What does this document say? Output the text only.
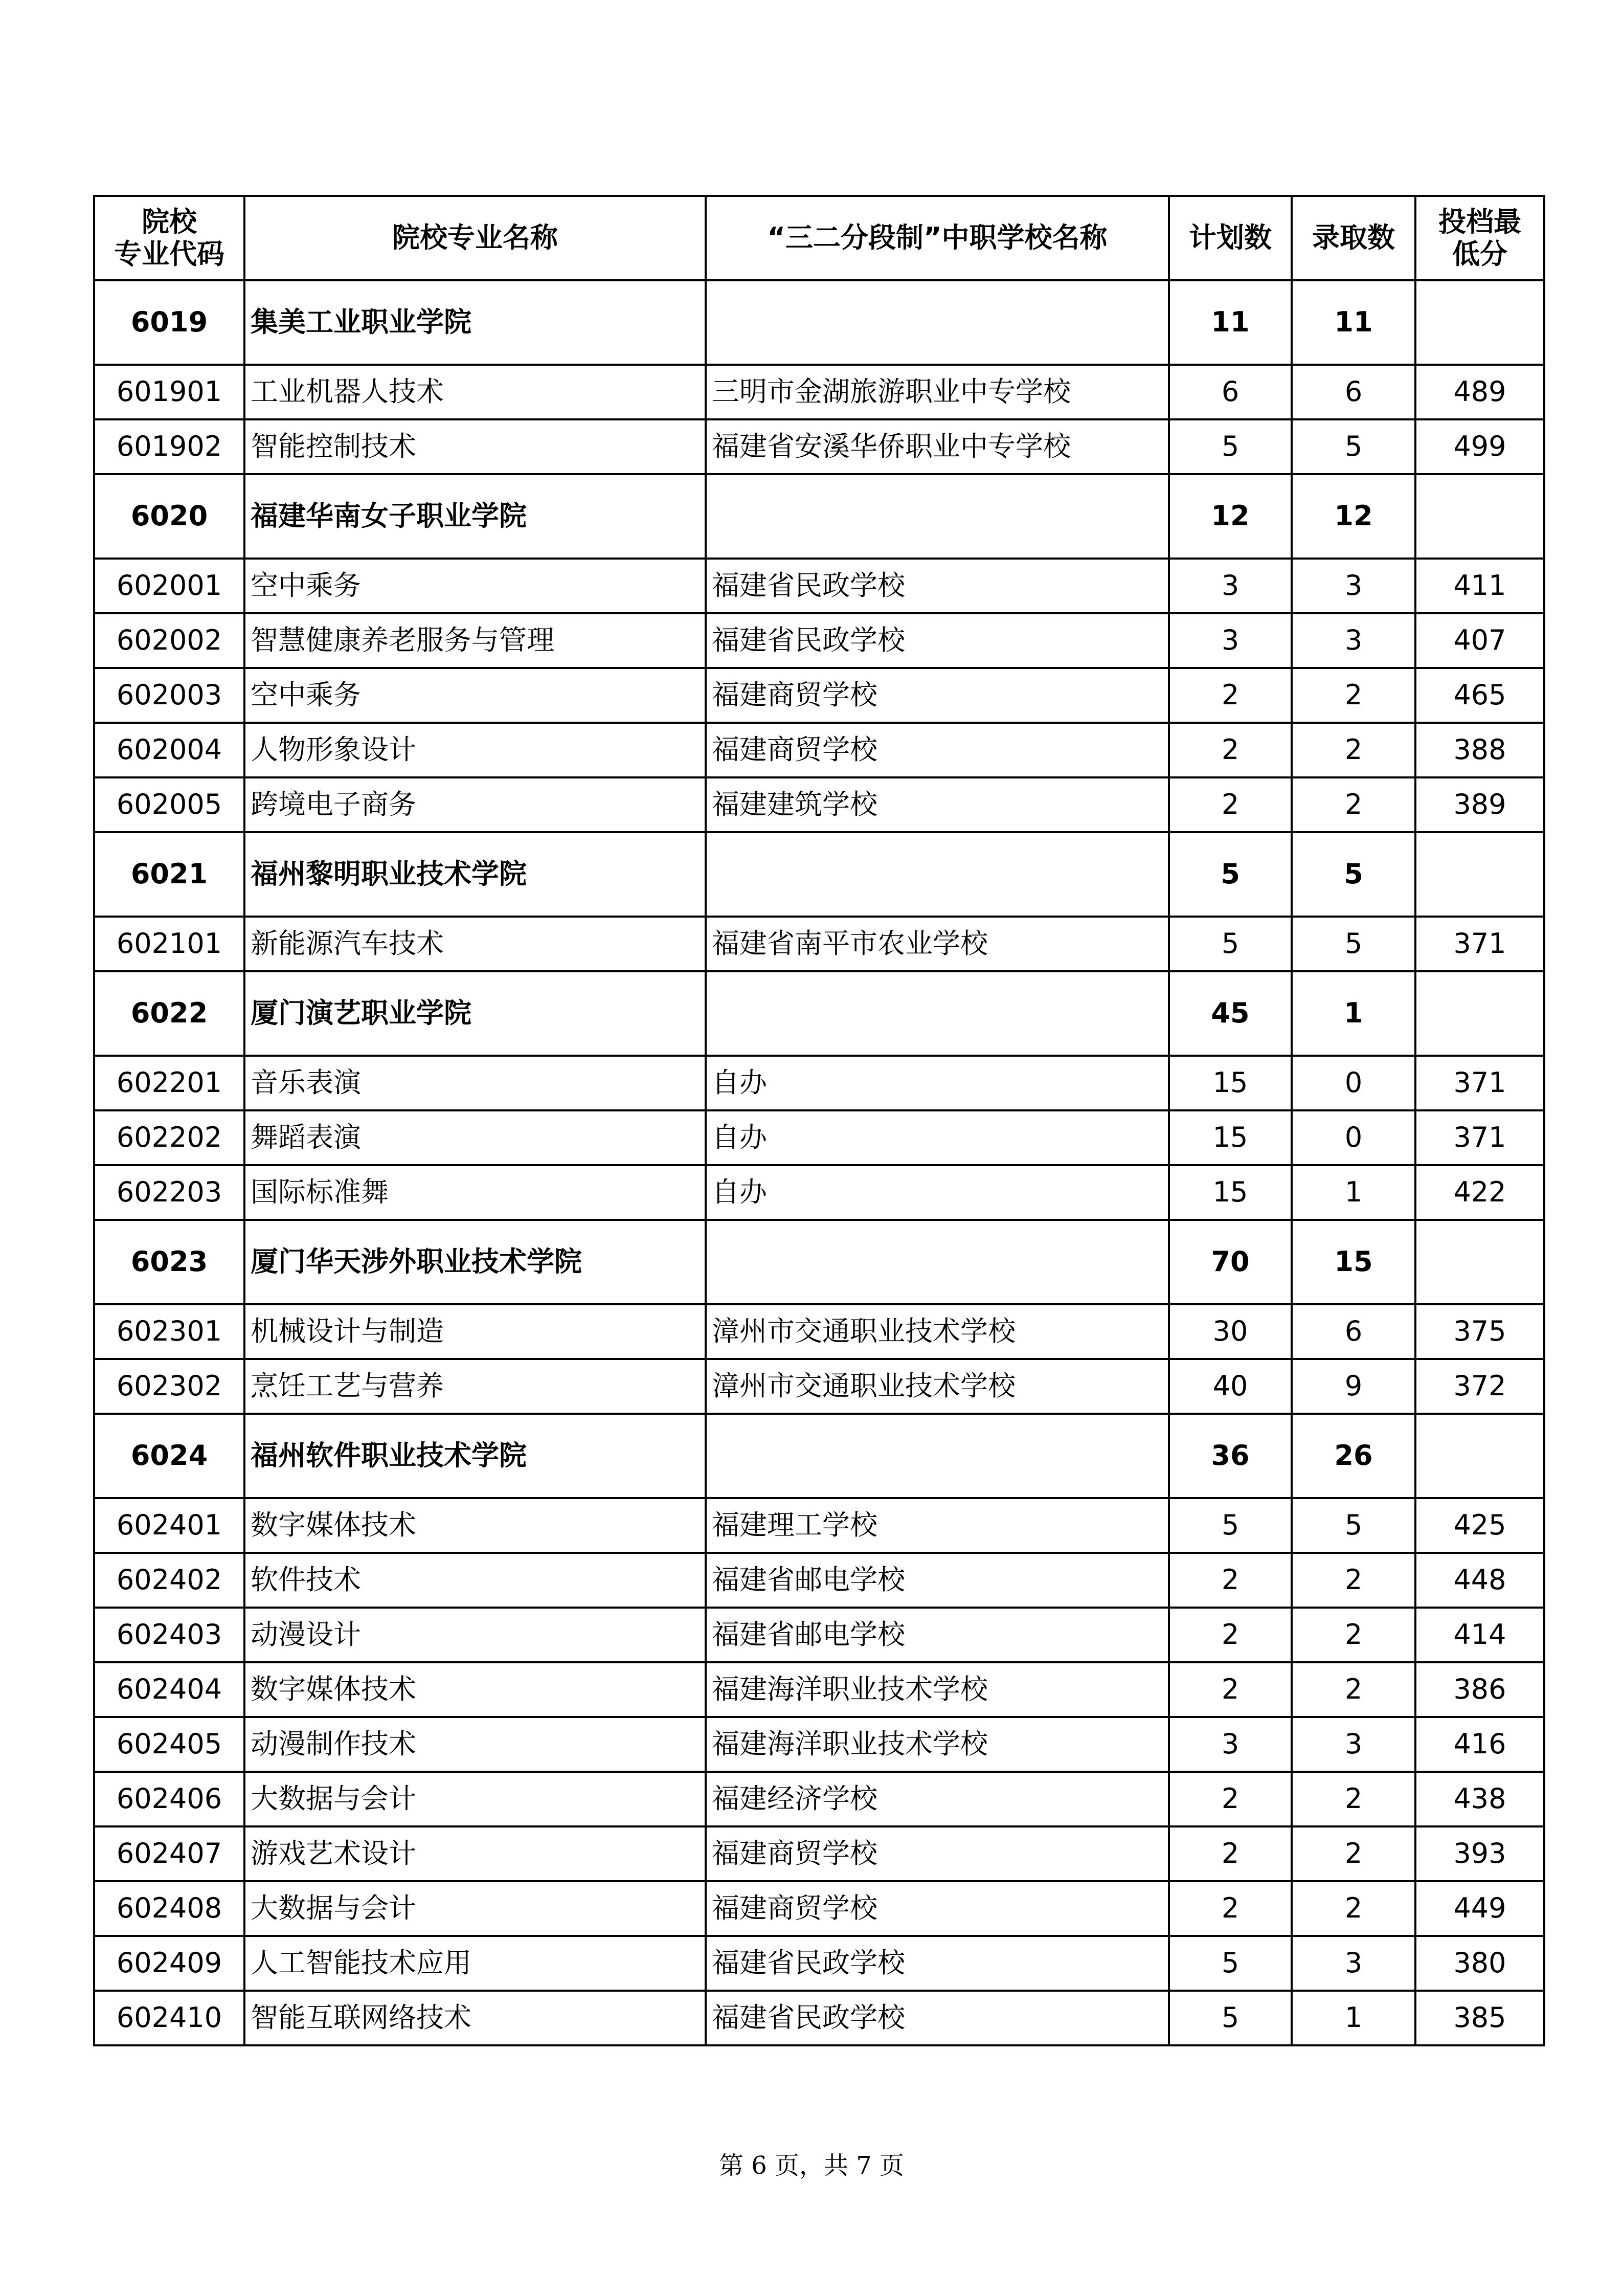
院校
专业代码	院校专业名称	“三二分段制”中职学校名称	计划数	录取数	投档最
低分
6019	集美工业职业学院		11	11	
601901	工业机器人技术	三明市金湖旅游职业中专学校	6	6	489
601902	智能控制技术	福建省安溪华侨职业中专学校	5	5	499
6020	福建华南女子职业学院		12	12	
602001	空中乘务	福建省民政学校	3	3	411
602002	智慧健康养老服务与管理	福建省民政学校	3	3	407
602003	空中乘务	福建商贸学校	2	2	465
602004	人物形象设计	福建商贸学校	2	2	388
602005	跨境电子商务	福建建筑学校	2	2	389
6021	福州黎明职业技术学院		5	5	
602101	新能源汽车技术	福建省南平市农业学校	5	5	371
6022	厦门演艺职业学院		45	1	
602201	音乐表演	自办	15	0	371
602202	舞蹈表演	自办	15	0	371
602203	国际标准舞	自办	15	1	422
6023	厦门华天涉外职业技术学院		70	15	
602301	机械设计与制造	漳州市交通职业技术学校	30	6	375
602302	烹饪工艺与营养	漳州市交通职业技术学校	40	9	372
6024	福州软件职业技术学院		36	26	
602401	数字媒体技术	福建理工学校	5	5	425
602402	软件技术	福建省邮电学校	2	2	448
602403	动漫设计	福建省邮电学校	2	2	414
602404	数字媒体技术	福建海洋职业技术学校	2	2	386
602405	动漫制作技术	福建海洋职业技术学校	3	3	416
602406	大数据与会计	福建经济学校	2	2	438
602407	游戏艺术设计	福建商贸学校	2	2	393
602408	大数据与会计	福建商贸学校	2	2	449
602409	人工智能技术应用	福建省民政学校	5	3	380
602410	智能互联网络技术	福建省民政学校	5	1	385
第 6 页，共 7 页
